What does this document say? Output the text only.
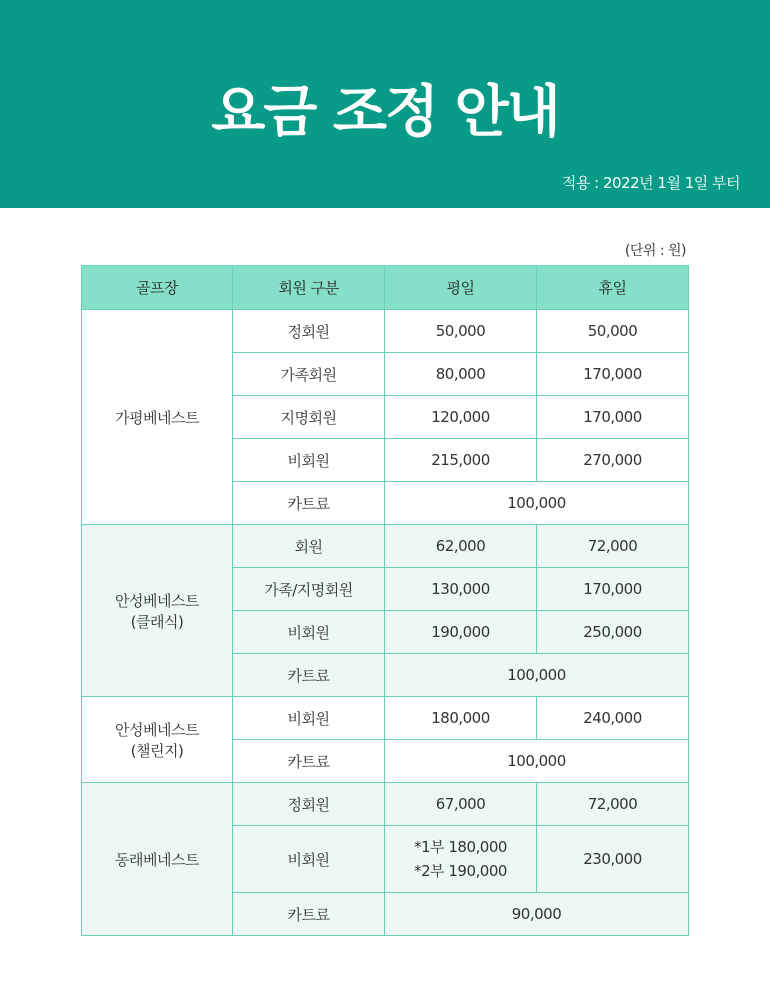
요금 조정 안내
적용 : 2022년 1월 1일 부터
(단위 : 원)
골프장	회원 구분	평일	휴일
가평베네스트	정회원	50,000	50,000
	가족회원	80,000	170,000
	지명회원	120,000	170,000
	비회원	215,000	270,000
	카트료	100,000	
안성베네스트
(클래식)	회원	62,000	72,000
	가족/지명회원	130,000	170,000
	비회원	190,000	250,000
	카트료	100,000	
안성베네스트
(챌린지)	비회원	180,000	240,000
	카트료	100,000	
동래베네스트	정회원	67,000	72,000
	비회원	*1부 180,000
*2부 190,000	230,000
	카트료	90,000	
